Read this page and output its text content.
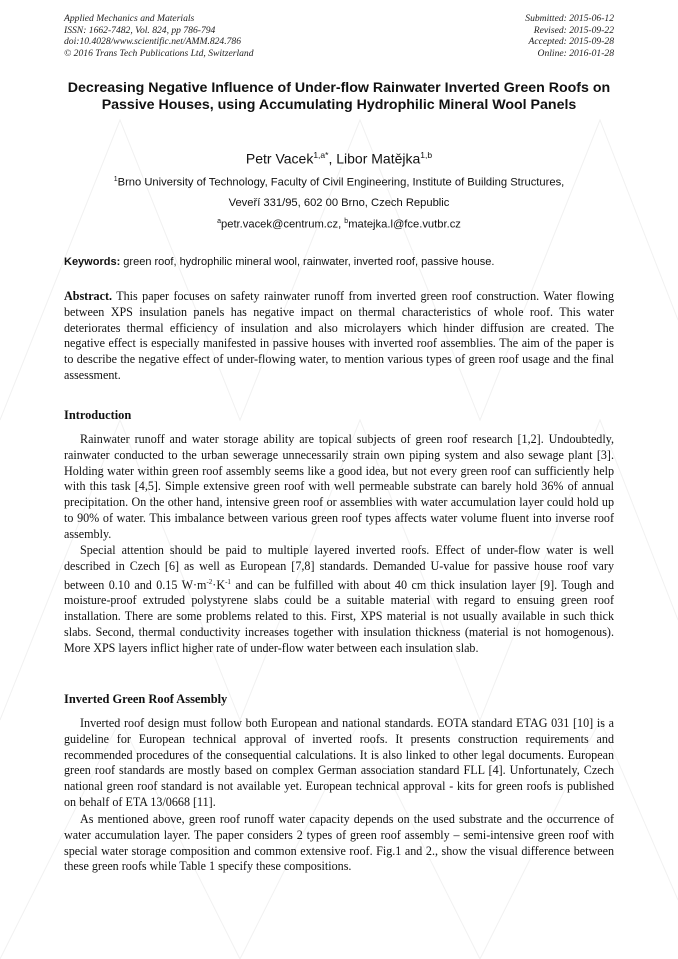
Applied Mechanics and Materials
ISSN: 1662-7482, Vol. 824, pp 786-794
doi:10.4028/www.scientific.net/AMM.824.786
© 2016 Trans Tech Publications Ltd, Switzerland
Submitted: 2015-06-12
Revised: 2015-09-22
Accepted: 2015-09-28
Online: 2016-01-28
Decreasing Negative Influence of Under-flow Rainwater Inverted Green Roofs on Passive Houses, using Accumulating Hydrophilic Mineral Wool Panels
Petr Vacek$^{1,a*}$, Libor Matějka$^{1,b}$
$^1$Brno University of Technology, Faculty of Civil Engineering, Institute of Building Structures,
Veveří 331/95, 602 00 Brno, Czech Republic
$^a$petr.vacek@centrum.cz, $^b$matejka.l@fce.vutbr.cz
Keywords: green roof, hydrophilic mineral wool, rainwater, inverted roof, passive house.

Abstract. This paper focuses on safety rainwater runoff from inverted green roof construction. Water flowing between XPS insulation panels has negative impact on thermal characteristics of whole roof. This water deteriorates thermal efficiency of insulation and also microlayers which hinder diffusion are created. The negative effect is especially manifested in passive houses with inverted roof assemblies. The aim of the paper is to describe the negative effect of under-flowing water, to mention various types of green roof usage and the final assessment.

Introduction

Rainwater runoff and water storage ability are topical subjects of green roof research [1,2]. Undoubtedly, rainwater conducted to the urban sewerage unnecessarily strain own piping system and also sewage plant [3]. Holding water within green roof assembly seems like a good idea, but not every green roof can sufficiently help with this task [4,5]. Simple extensive green roof with well permeable substrate can barely hold 36% of annual precipitation. On the other hand, intensive green roof or assemblies with water accumulation layer could hold up to 90% of water. This imbalance between various green roof types affects water volume fluent into inverse roof assembly.

Special attention should be paid to multiple layered inverted roofs. Effect of under-flow water is well described in Czech [6] as well as European [7,8] standards. Demanded U-value for passive house roof vary between 0.10 and 0.15 $W\cdot m^{-2}\cdot K^{-1}$ and can be fulfilled with about 40 cm thick insulation layer [9]. Tough and moisture-proof extruded polystyrene slabs could be a suitable material with regard to ensuing green roof installation. There are some problems related to this. First, XPS material is not usually available in such thick slabs. Second, thermal conductivity increases together with insulation thickness (material is not homogenous). More XPS layers inflict higher rate of under-flow water between each insulation slab.

Inverted Green Roof Assembly

Inverted roof design must follow both European and national standards. EOTA standard ETAG 031 [10] is a guideline for European technical approval of inverted roofs. It presents construction requirements and recommended procedures of the consequential calculations. It is also linked to other legal documents. European green roof standards are mostly based on complex German association standard FLL [4]. Unfortunately, Czech national green roof standard is not available yet. European technical approval - kits for green roofs is published on behalf of ETA 13/0668 [11].

As mentioned above, green roof runoff water capacity depends on the used substrate and the occurrence of water accumulation layer. The paper considers 2 types of green roof assembly – semi-intensive green roof with special water storage composition and common extensive roof. Fig.1 and 2., show the visual difference between these green roofs while Table 1 specify these compositions.
